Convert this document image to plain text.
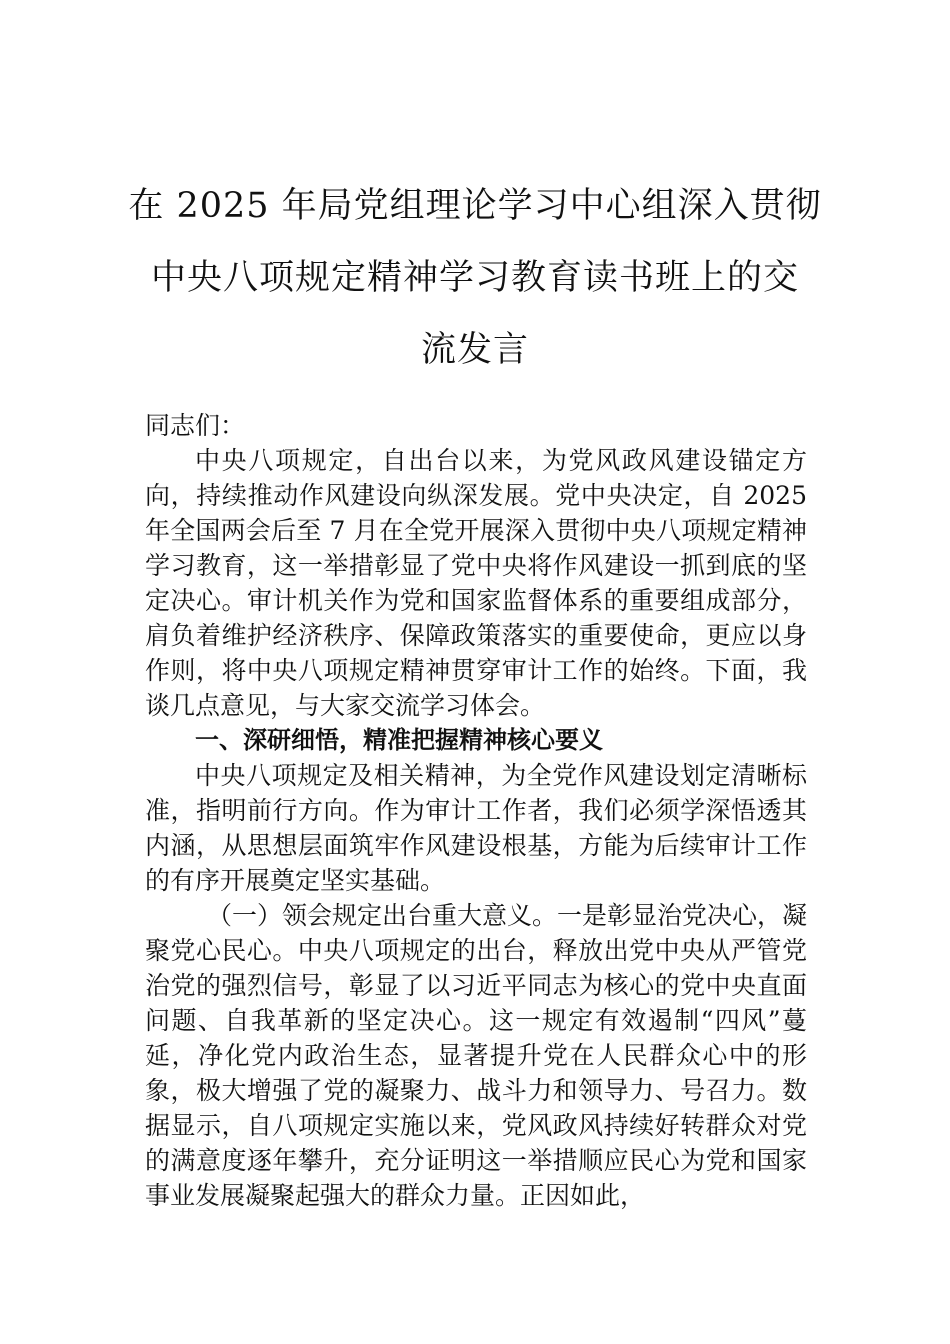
在 2025 年局党组理论学习中心组深入贯彻
中央八项规定精神学习教育读书班上的交
流发言

同志们：

中央八项规定，自出台以来，为党风政风建设锚定方向，持续推动作风建设向纵深发展。党中央决定，自 2025 年全国两会后至 7 月在全党开展深入贯彻中央八项规定精神学习教育，这一举措彰显了党中央将作风建设一抓到底的坚定决心。审计机关作为党和国家监督体系的重要组成部分，肩负着维护经济秩序、保障政策落实的重要使命，更应以身作则，将中央八项规定精神贯穿审计工作的始终。下面，我谈几点意见，与大家交流学习体会。

一、深研细悟，精准把握精神核心要义

中央八项规定及相关精神，为全党作风建设划定清晰标准，指明前行方向。作为审计工作者，我们必须学深悟透其内涵，从思想层面筑牢作风建设根基，方能为后续审计工作的有序开展奠定坚实基础。

（一）领会规定出台重大意义。一是彰显治党决心，凝聚党心民心。中央八项规定的出台，释放出党中央从严管党治党的强烈信号，彰显了以习近平同志为核心的党中央直面问题、自我革新的坚定决心。这一规定有效遏制“四风”蔓延，净化党内政治生态，显著提升党在人民群众心中的形象，极大增强了党的凝聚力、战斗力和领导力、号召力。数据显示，自八项规定实施以来，党风政风持续好转群众对党的满意度逐年攀升，充分证明这一举措顺应民心为党和国家事业发展凝聚起强大的群众力量。正因如此，
